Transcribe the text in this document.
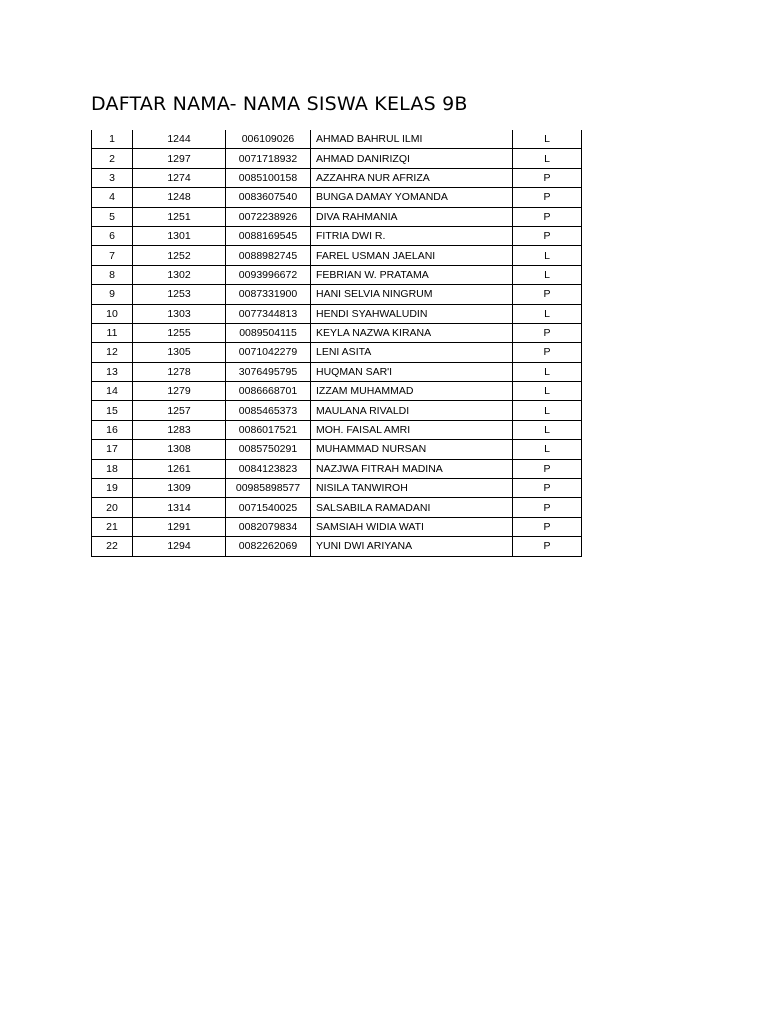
DAFTAR NAMA- NAMA SISWA KELAS 9B
1	1244	006109026	AHMAD BAHRUL ILMI	L
2	1297	0071718932	AHMAD DANIRIZQI	L
3	1274	0085100158	AZZAHRA NUR AFRIZA	P
4	1248	0083607540	BUNGA DAMAY YOMANDA	P
5	1251	0072238926	DIVA RAHMANIA	P
6	1301	0088169545	FITRIA DWI R.	P
7	1252	0088982745	FAREL USMAN JAELANI	L
8	1302	0093996672	FEBRIAN W. PRATAMA	L
9	1253	0087331900	HANI SELVIA NINGRUM	P
10	1303	0077344813	HENDI SYAHWALUDIN	L
11	1255	0089504115	KEYLA NAZWA KIRANA	P
12	1305	0071042279	LENI ASITA	P
13	1278	3076495795	HUQMAN SAR'I	L
14	1279	0086668701	IZZAM MUHAMMAD	L
15	1257	0085465373	MAULANA RIVALDI	L
16	1283	0086017521	MOH. FAISAL AMRI	L
17	1308	0085750291	MUHAMMAD NURSAN	L
18	1261	0084123823	NAZJWA FITRAH MADINA	P
19	1309	00985898577	NISILA TANWIROH	P
20	1314	0071540025	SALSABILA RAMADANI	P
21	1291	0082079834	SAMSIAH WIDIA WATI	P
22	1294	0082262069	YUNI DWI ARIYANA	P
